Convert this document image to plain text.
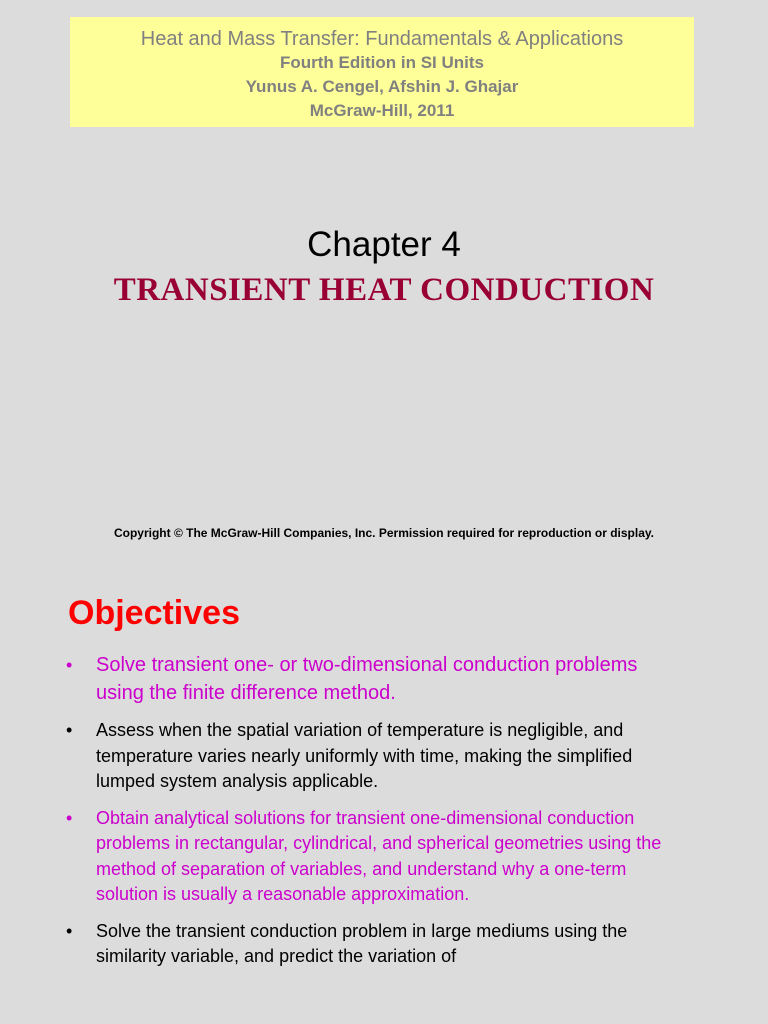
Heat and Mass Transfer: Fundamentals & Applications
Fourth Edition in SI Units
Yunus A. Cengel, Afshin J. Ghajar
McGraw-Hill, 2011
Chapter 4
TRANSIENT HEAT CONDUCTION
Copyright © The McGraw-Hill Companies, Inc. Permission required for reproduction or display.
Objectives
• Solve transient one- or two-dimensional conduction problems using the finite difference method.
• Assess when the spatial variation of temperature is negligible, and temperature varies nearly uniformly with time, making the simplified lumped system analysis applicable.
• Obtain analytical solutions for transient one-dimensional conduction problems in rectangular, cylindrical, and spherical geometries using the method of separation of variables, and understand why a one-term solution is usually a reasonable approximation.
• Solve the transient conduction problem in large mediums using the similarity variable, and predict the variation of
